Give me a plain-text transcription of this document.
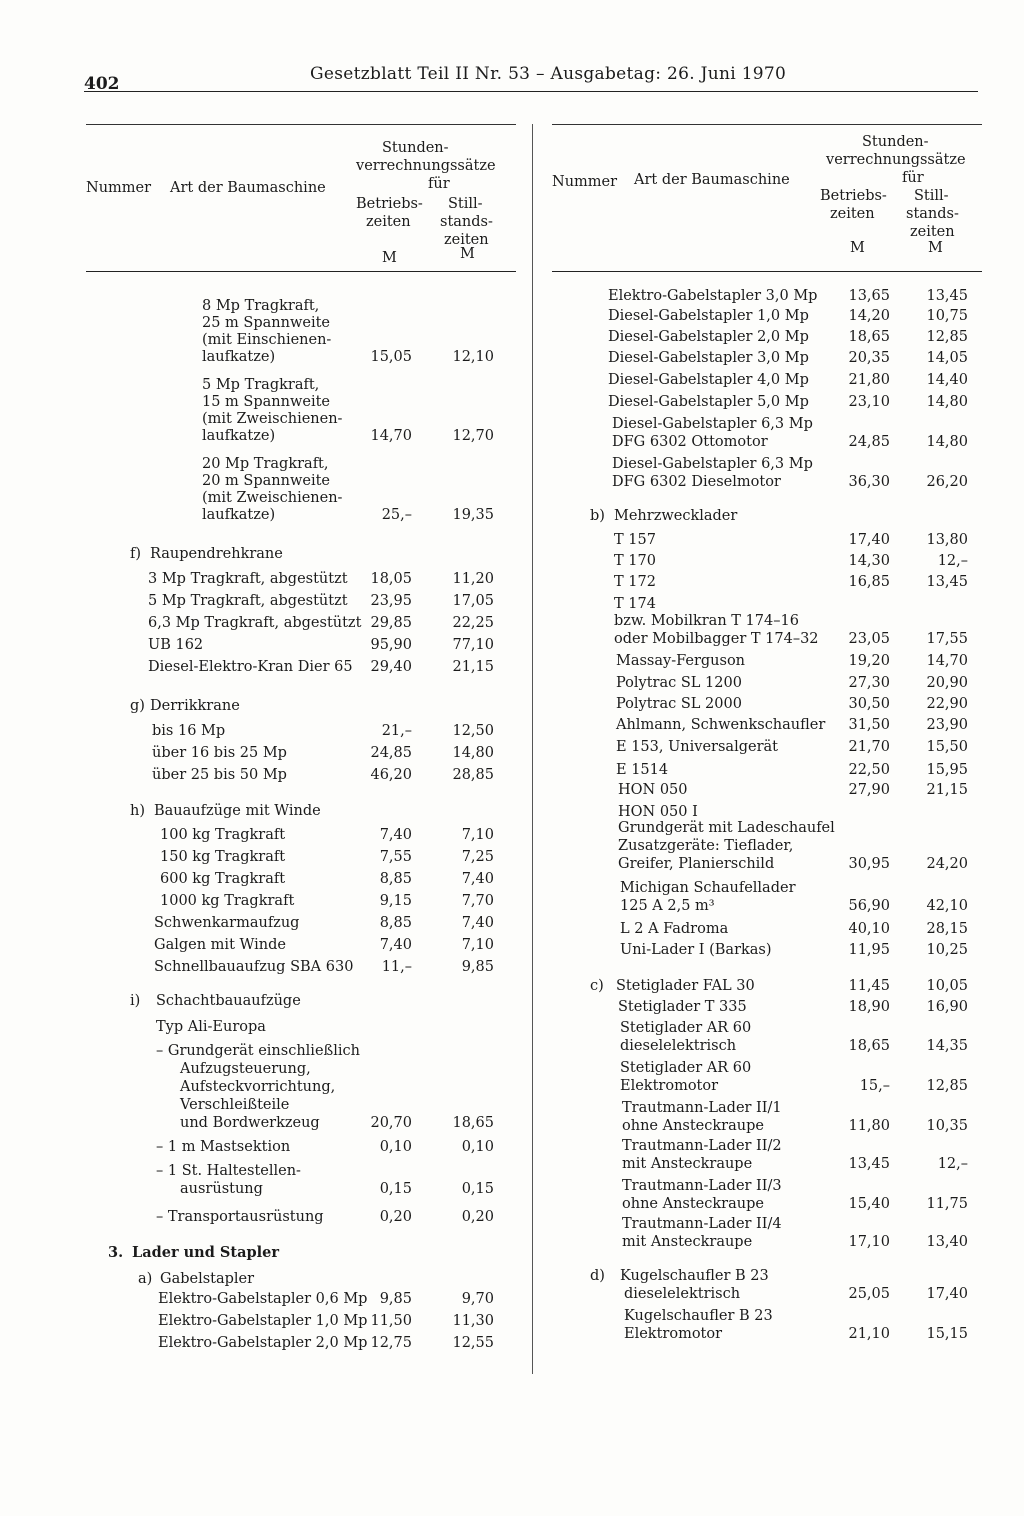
402	Gesetzblatt Teil II Nr. 53 – Ausgabetag: 26. Juni 1970
Nummer Art der Baumaschine
Stunden-
verrechnungssätze
für
Betriebs-
zeiten
Still-
stands-
zeiten
M	M
8 Mp Tragkraft,
25 m Spannweite
(mit Einschienen-
laufkatze)	15,05	12,10
5 Mp Tragkraft,
15 m Spannweite
(mit Zweischienen-
laufkatze)	14,70	12,70
20 Mp Tragkraft,
20 m Spannweite
(mit Zweischienen-
laufkatze)	25,–	19,35
f) Raupendrehkrane
3 Mp Tragkraft, abgestützt 18,05	11,20
5 Mp Tragkraft, abgestützt 23,95	17,05
6,3 Mp Tragkraft, abgestützt 29,85	22,25
UB 162	95,90	77,10
Diesel-Elektro-Kran Dier 65 29,40	21,15
g) Derrikkrane
bis 16 Mp	21,–	12,50
über 16 bis 25 Mp	24,85	14,80
über 25 bis 50 Mp	46,20	28,85
h) Bauaufzüge mit Winde
100 kg Tragkraft	7,40	7,10
150 kg Tragkraft	7,55	7,25
600 kg Tragkraft	8,85	7,40
1000 kg Tragkraft	9,15	7,70
Schwenkarmaufzug	8,85	7,40
Galgen mit Winde	7,40	7,10
Schnellbauaufzug SBA 630 11,–	9,85
i) Schachtbauaufzüge
Typ Ali-Europa
– Grundgerät einschließlich
Aufzugsteuerung,
Aufsteckvorrichtung,
Verschleißteile
und Bordwerkzeug	20,70	18,65
– 1 m Mastsektion	0,10	0,10
– 1 St. Haltestellen-
ausrüstung	0,15	0,15
– Transportausrüstung	0,20	0,20
3. Lader und Stapler
a) Gabelstapler
Elektro-Gabelstapler 0,6 Mp 9,85	9,70
Elektro-Gabelstapler 1,0 Mp 11,50	11,30
Elektro-Gabelstapler 2,0 Mp 12,75	12,55
Nummer Art der Baumaschine
Stunden-
verrechnungssätze
für
Betriebs-
zeiten
Still-
stands-
zeiten
M	M
Elektro-Gabelstapler 3,0 Mp 13,65	13,45
Diesel-Gabelstapler 1,0 Mp	14,20	10,75
Diesel-Gabelstapler 2,0 Mp	18,65	12,85
Diesel-Gabelstapler 3,0 Mp	20,35	14,05
Diesel-Gabelstapler 4,0 Mp	21,80	14,40
Diesel-Gabelstapler 5,0 Mp	23,10	14,80
Diesel-Gabelstapler 6,3 Mp
DFG 6302 Ottomotor	24,85	14,80
Diesel-Gabelstapler 6,3 Mp
DFG 6302 Dieselmotor	36,30	26,20
b) Mehrzwecklader
T 157	17,40	13,80
T 170	14,30	12,–
T 172	16,85	13,45
T 174
bzw. Mobilkran T 174–16
oder Mobilbagger T 174–32 23,05	17,55
Massay-Ferguson	19,20	14,70
Polytrac SL 1200	27,30	20,90
Polytrac SL 2000	30,50	22,90
Ahlmann, Schwenkschaufler 31,50	23,90
E 153, Universalgerät	21,70	15,50
E 1514	22,50	15,95
HON 050	27,90	21,15
HON 050 I
Grundgerät mit Ladeschaufel
Zusatzgeräte: Tieflader,
Greifer, Planierschild	30,95	24,20
Michigan Schaufellader
125 A 2,5 m³	56,90	42,10
L 2 A Fadroma	40,10	28,15
Uni-Lader I (Barkas)	11,95	10,25
c) Stetiglader FAL 30	11,45	10,05
Stetiglader T 335	18,90	16,90
Stetiglader AR 60
dieselelektrisch	18,65	14,35
Stetiglader AR 60
Elektromotor	15,–	12,85
Trautmann-Lader II/1
ohne Ansteckraupe	11,80	10,35
Trautmann-Lader II/2
mit Ansteckraupe	13,45	12,–
Trautmann-Lader II/3
ohne Ansteckraupe	15,40	11,75
Trautmann-Lader II/4
mit Ansteckraupe	17,10	13,40
d) Kugelschaufler B 23
dieselelektrisch	25,05	17,40
Kugelschaufler B 23
Elektromotor	21,10	15,15
